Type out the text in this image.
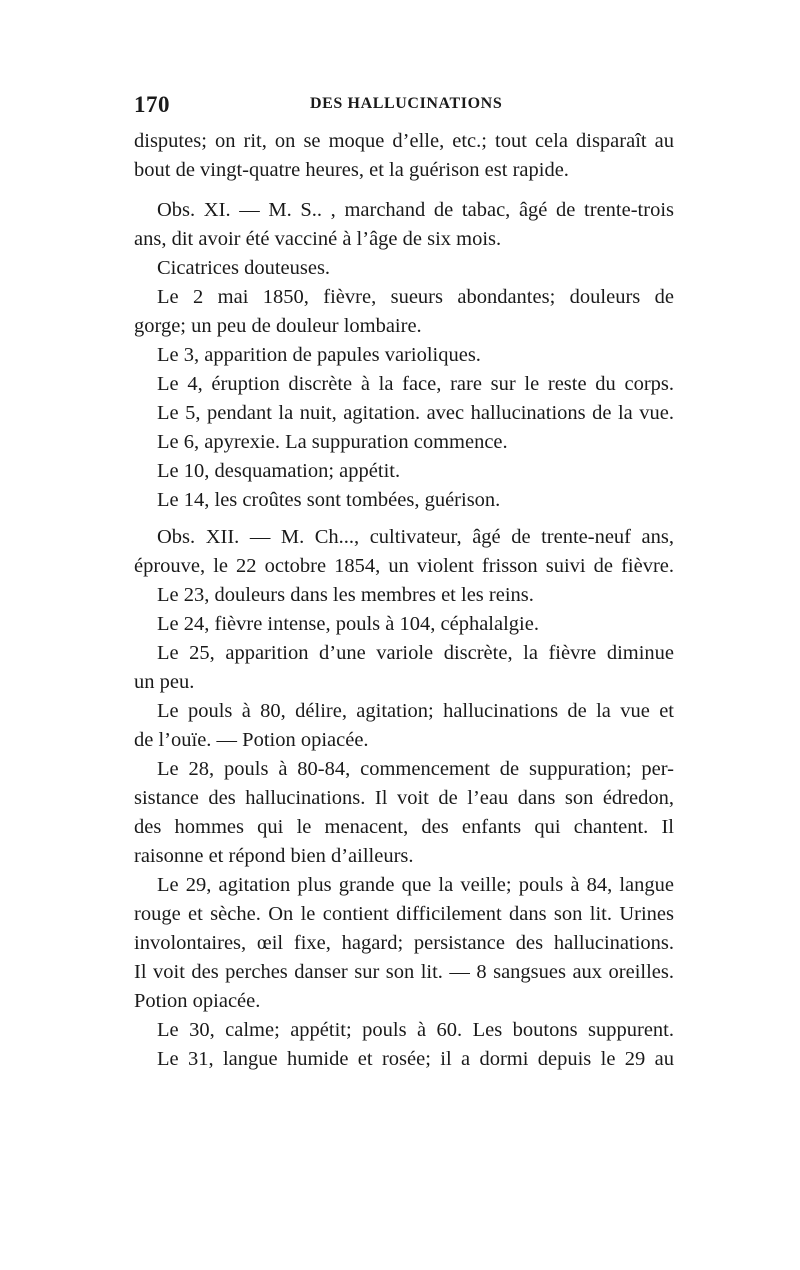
170	DES HALLUCINATIONS
disputes; on rit, on se moque d’elle, etc.; tout cela disparaît au
bout de vingt-quatre heures, et la guérison est rapide.
Obs. XI. — M. S.. , marchand de tabac, âgé de trente-trois
ans, dit avoir été vacciné à l’âge de six mois.
Cicatrices douteuses.
Le 2 mai 1850, fièvre, sueurs abondantes; douleurs de
gorge; un peu de douleur lombaire.
Le 3, apparition de papules varioliques.
Le 4, éruption discrète à la face, rare sur le reste du corps.
Le 5, pendant la nuit, agitation. avec hallucinations de la vue.
Le 6, apyrexie. La suppuration commence.
Le 10, desquamation; appétit.
Le 14, les croûtes sont tombées, guérison.
Obs. XII. — M. Ch..., cultivateur, âgé de trente-neuf ans,
éprouve, le 22 octobre 1854, un violent frisson suivi de fièvre.
Le 23, douleurs dans les membres et les reins.
Le 24, fièvre intense, pouls à 104, céphalalgie.
Le 25, apparition d’une variole discrète, la fièvre diminue
un peu.
Le pouls à 80, délire, agitation; hallucinations de la vue et
de l’ouïe. — Potion opiacée.
Le 28, pouls à 80-84, commencement de suppuration; per-
sistance des hallucinations. Il voit de l’eau dans son édredon,
des hommes qui le menacent, des enfants qui chantent. Il
raisonne et répond bien d’ailleurs.
Le 29, agitation plus grande que la veille; pouls à 84, langue
rouge et sèche. On le contient difficilement dans son lit. Urines
involontaires, œil fixe, hagard; persistance des hallucinations.
Il voit des perches danser sur son lit. — 8 sangsues aux oreilles.
Potion opiacée.
Le 30, calme; appétit; pouls à 60. Les boutons suppurent.
Le 31, langue humide et rosée; il a dormi depuis le 29 au
